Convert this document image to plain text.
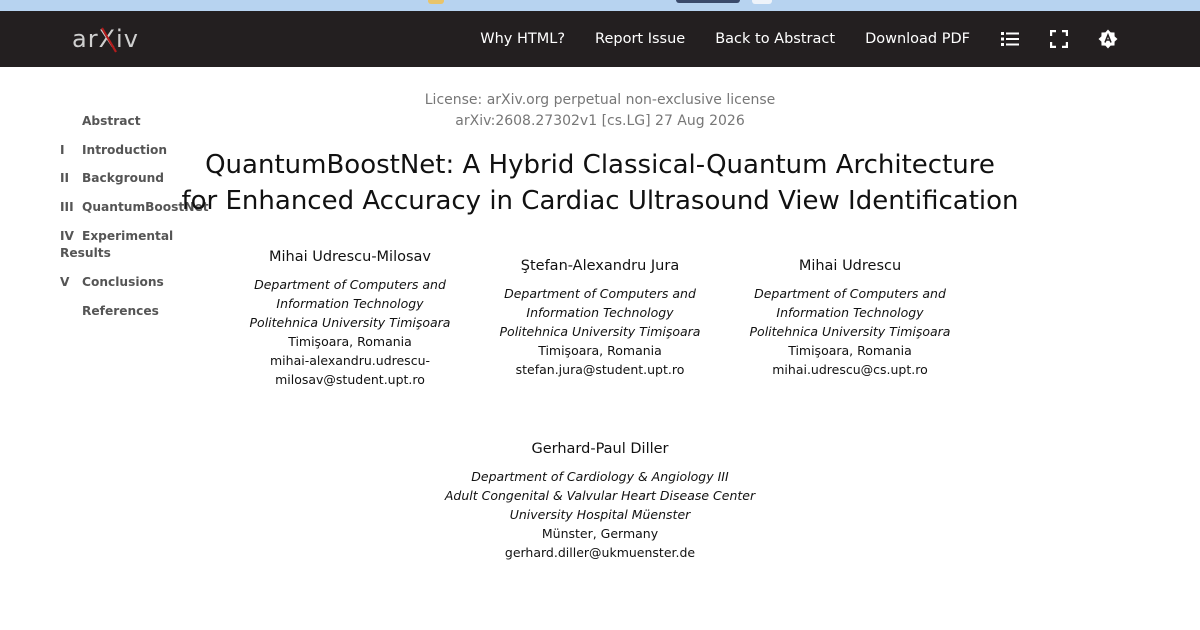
ar X iv	Why HTML? Report Issue Back to Abstract Download PDF
Abstract
I Introduction
II Background
III QuantumBoostNet
IV Experimental
Results
V Conclusions
References
License: arXiv.org perpetual non-exclusive license
arXiv:2608.27302v1 [cs.LG] 27 Aug 2026
QuantumBoostNet: A Hybrid Classical-Quantum Architecture
for Enhanced Accuracy in Cardiac Ultrasound View Identification
Mihai Udrescu-Milosav
Department of Computers and
Information Technology
Politehnica University Timişoara
Timişoara, Romania
mihai-alexandru.udrescu-
milosav@student.upt.ro
Ştefan-Alexandru Jura
Department of Computers and
Information Technology
Politehnica University Timişoara
Timişoara, Romania
stefan.jura@student.upt.ro
Mihai Udrescu
Department of Computers and
Information Technology
Politehnica University Timişoara
Timişoara, Romania
mihai.udrescu@cs.upt.ro
Gerhard-Paul Diller
Department of Cardiology & Angiology III
Adult Congenital & Valvular Heart Disease Center
University Hospital Müenster
Münster, Germany
gerhard.diller@ukmuenster.de
